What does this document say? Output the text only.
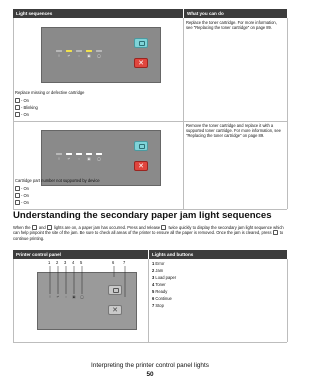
Light sequences	What you can do
!	↵	▫	▣ ◯
✕
Replace missing or defective cartridge
- On
- Blinking
- On
Replace the toner cartridge. For more information, see "Replacing the toner cartridge" on page 89.
!	↵	▫	▣ ◯
✕
Cartridge part number not supported by device
- On
- On
- On
Remove the toner cartridge and replace it with a supported toner cartridge. For more information, see "Replacing the toner cartridge" on page 89.
Understanding the secondary paper jam light sequences
When the and lights are on, a paper jam has occurred. Press and release twice quickly to display the secondary jam light sequence which can help pinpoint the site of the jam. Be sure to check all areas of the printer to ensure all the paper is removed. Once the jam is cleared, press to continue printing.
Printer control panel	Lights and buttons
!	↵	▫	▣ ◯
✕
1 2 3 4 5	6 7	1 Error
2 Jam
3 Load paper
4 Toner
5 Ready
6 Continue
7 Stop
Interpreting the printer control panel lights
50
